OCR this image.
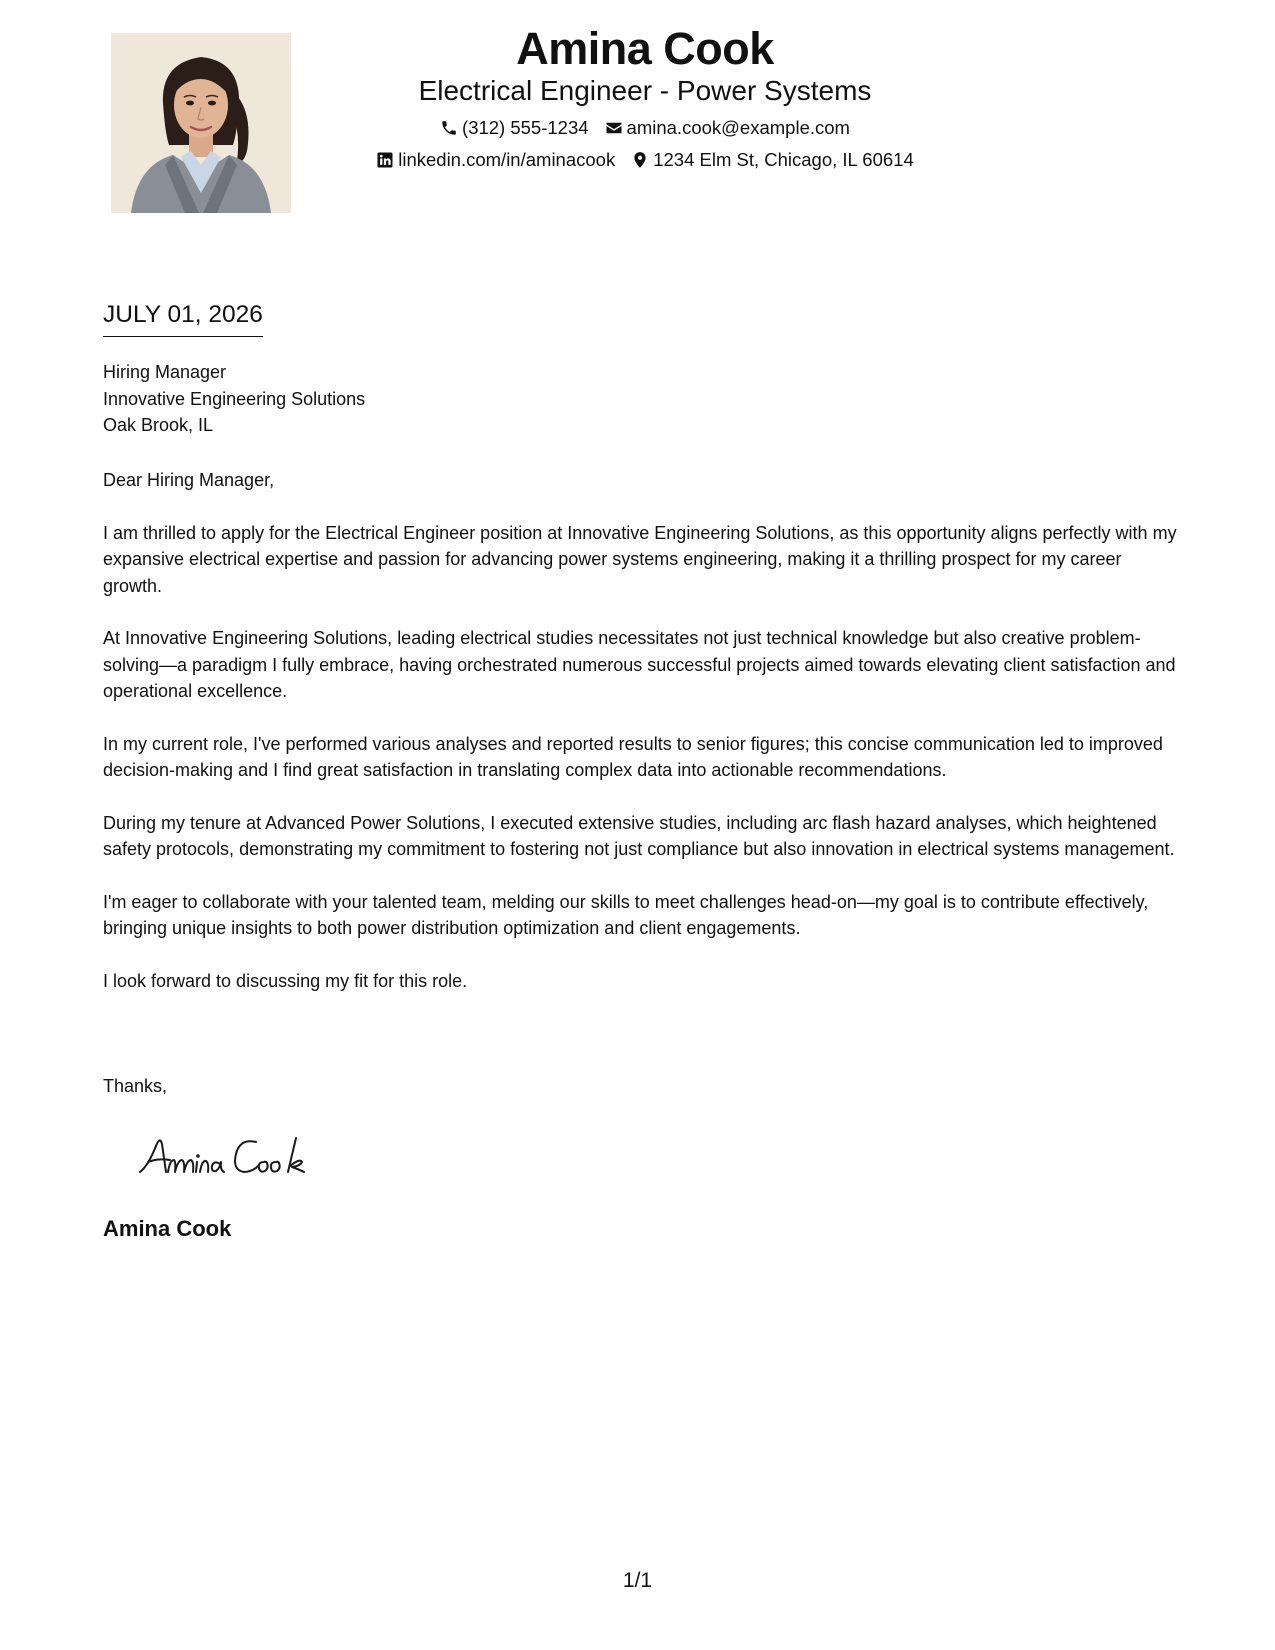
Amina Cook
Electrical Engineer - Power Systems
(312) 555-1234 amina.cook@example.com
linkedin.com/in/aminacook 1234 Elm St, Chicago, IL 60614
JULY 01, 2026
Hiring Manager
Innovative Engineering Solutions
Oak Brook, IL

Dear Hiring Manager,

I am thrilled to apply for the Electrical Engineer position at Innovative Engineering Solutions, as this opportunity aligns perfectly with my expansive electrical expertise and passion for advancing power systems engineering, making it a thrilling prospect for my career growth.

At Innovative Engineering Solutions, leading electrical studies necessitates not just technical knowledge but also creative problem-solving—a paradigm I fully embrace, having orchestrated numerous successful projects aimed towards elevating client satisfaction and operational excellence.

In my current role, I've performed various analyses and reported results to senior figures; this concise communication led to improved decision-making and I find great satisfaction in translating complex data into actionable recommendations.

During my tenure at Advanced Power Solutions, I executed extensive studies, including arc flash hazard analyses, which heightened safety protocols, demonstrating my commitment to fostering not just compliance but also innovation in electrical systems management.

I'm eager to collaborate with your talented team, melding our skills to meet challenges head-on—my goal is to contribute effectively, bringing unique insights to both power distribution optimization and client engagements.

I look forward to discussing my fit for this role.

Thanks,
Amina Cook
1/1
